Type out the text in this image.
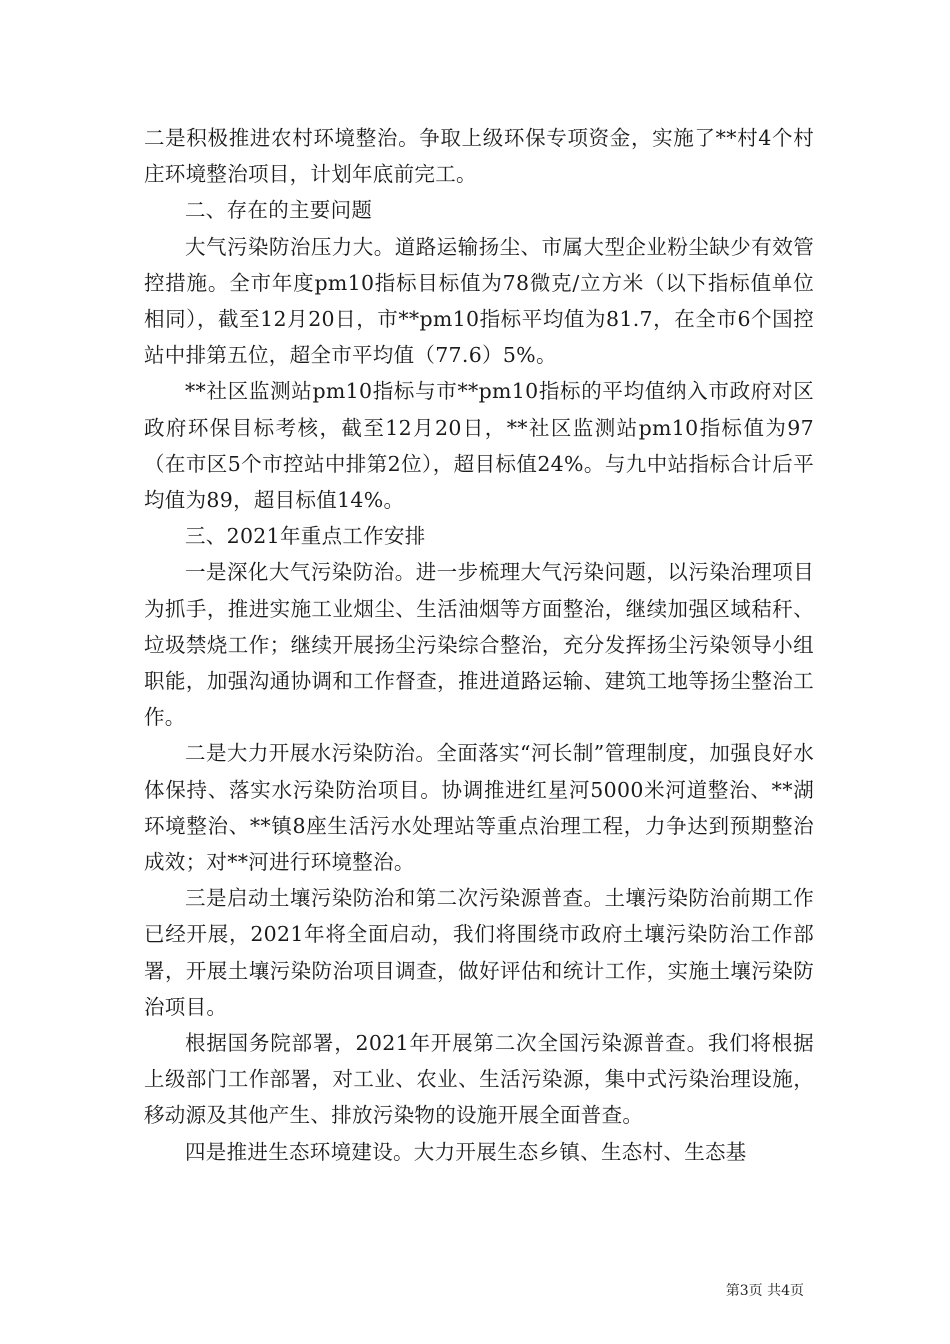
二是积极推进农村环境整治。争取上级环保专项资金，实施了**村4个村庄环境整治项目，计划年底前完工。

二、存在的主要问题

大气污染防治压力大。道路运输扬尘、市属大型企业粉尘缺少有效管控措施。全市年度pm10指标目标值为78微克/立方米（以下指标值单位相同），截至12月20日，市**pm10指标平均值为81.7，在全市6个国控站中排第五位，超全市平均值（77.6）5%。

**社区监测站pm10指标与市**pm10指标的平均值纳入市政府对区政府环保目标考核，截至12月20日，**社区监测站pm10指标值为97（在市区5个市控站中排第2位），超目标值24%。与九中站指标合计后平均值为89，超目标值14%。

三、2021年重点工作安排

一是深化大气污染防治。进一步梳理大气污染问题，以污染治理项目为抓手，推进实施工业烟尘、生活油烟等方面整治，继续加强区域秸秆、垃圾禁烧工作；继续开展扬尘污染综合整治，充分发挥扬尘污染领导小组职能，加强沟通协调和工作督查，推进道路运输、建筑工地等扬尘整治工作。

二是大力开展水污染防治。全面落实“河长制”管理制度，加强良好水体保持、落实水污染防治项目。协调推进红星河5000米河道整治、**湖环境整治、**镇8座生活污水处理站等重点治理工程，力争达到预期整治成效；对**河进行环境整治。

三是启动土壤污染防治和第二次污染源普查。土壤污染防治前期工作已经开展，2021年将全面启动，我们将围绕市政府土壤污染防治工作部署，开展土壤污染防治项目调查，做好评估和统计工作，实施土壤污染防治项目。

根据国务院部署，2021年开展第二次全国污染源普查。我们将根据上级部门工作部署，对工业、农业、生活污染源，集中式污染治理设施，移动源及其他产生、排放污染物的设施开展全面普查。

四是推进生态环境建设。大力开展生态乡镇、生态村、生态基

第3页 共4页
